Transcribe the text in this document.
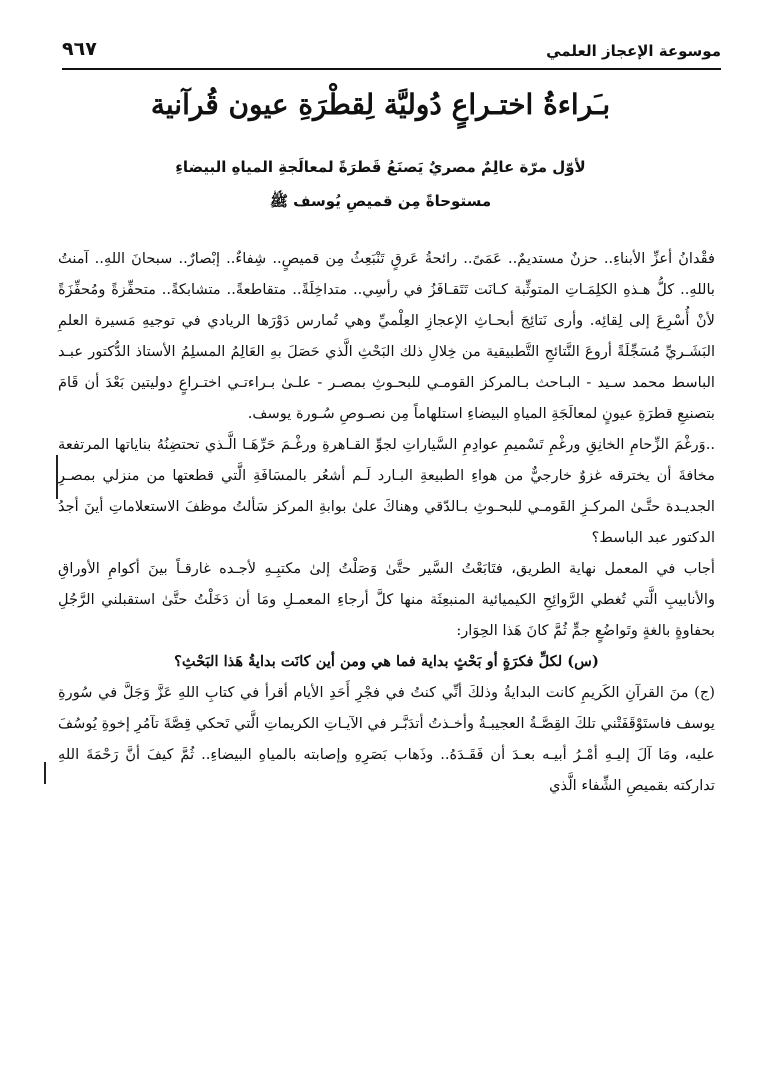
موسوعة الإعجاز العلمي
٩٦٧
بـَراءةُ اختـراعٍ دُوليَّة لِقطْرَةِ عيون قُرآنية
لأوّل مرّة عالِمٌ مصريٌ يَصنَعُ قَطرَةً لمعالَجةِ المياهِ البيضاءِ
مستوحاةً مِن قميصِ يُوسف ﷺ

فقْدانُ أعزِّ الأبناءِ.. حزنٌ مستديمٌ.. عَمَىً.. رائحةُ عَرقٍ تَنْبَعِثُ مِن قميصٍ.. شِفاءٌ.. إبْصارٌ.. سبحانَ اللهِ.. آمنتُ باللهِ.. كلُّ هـذهِ الكلِمَـاتِ المتوثِّبة كـانَت تَتَقـافَزُ في رأسِي.. متداخِلَةً.. متقاطعةً.. متشابكةً.. متحفِّزةً ومُحفِّزَةً لأنْ أُسْرِعَ إلى لِقائِه. وأرى نَتائِجَ أبحـاثِ الإعجازِ العِلْميِّ وهي تُمارس دَوْرَها الريادي في توجيهِ مَسيرة العلمِ البَشَـريِّ مُسَجِّلَةً أروعَ النَّتائجِ التَّطبيقية من خِلالِ ذلك البَحْثِ الَّذي حَصَلَ بهِ العَالِمُ المسلِمُ الأستاذ الدُّكتور عبـد الباسط محمد سـيد - البـاحث بـالمركز القومـي للبحـوثِ بمصـر - علـىٰ بـراءتـي اختـراعٍ دوليتين بَعْدَ أن قَامَ بتصنيعِ قطرَةِ عيونٍ لمعالَجَةِ المياهِ البيضاءِ استلهاماً مِن نصـوصِ سُـورة يوسف.

..وَرغْمَ الزِّحامِ الخانِقِ ورغْمِ تَسْميمِ عوادِمِ السَّياراتِ لجوِّ القـاهرةِ ورغْـمَ حَرِّهَـا الَّـذي تحتضِنُهُ بناياتها المرتفعة مخافةَ أن يخترقه غزوٌ خارجيٌّ من هواءِ الطبيعةِ البـارد لَـم أشعُر بالمسَافَةِ الَّتي قطعتها من منزلي بمصـرِ الجديـدة حتَّـىٰ المركـزِ القَومـي للبحـوثِ بـالدّقي وهناكَ علىٰ بوابةِ المركز سَألتُ موظفَ الاستعلاماتِ أينَ أجدُ الدكتور عبد الباسط؟

أجاب في المعمل نهاية الطريق، فتَابَعْتُ السَّير حتَّىٰ وَصَلْتُ إلىٰ مكتبِـهِ لأجـده غارقـاً بينَ أكوامِ الأوراقِ والأنابيبِ الَّتي تُغطي الرَّوائِحِ الكيميائية المنبعِثَة منها كلَّ أرجاءِ المعمـلِ ومَا أن دَخَلْتُ حتَّىٰ استقبلني الرَّجُلِ بحفاوةٍ بالغةٍ وتَواضُعٍ جمٍّ ثُمَّ كانَ هَذا الحِوَار:

(س) لكلِّ فكرَةٍ أو بَحْثٍ بداية فما هي ومن أين كانَت بدايةُ هَذا البَحْثِ؟

(ج) منَ القرآنِ الكَريمِ كانت البدايةُ وذلكَ أنِّي كنتُ في فجْرِ أَحَدِ الأيام أقرأ في كتابِ اللهِ عَزَّ وَجَلَّ في سُورةِ يوسف فاستَوْقَفَتْني تلكَ القِصَّـةُ العجيبـةُ وأخـذتُ أتدَبَّـر في الآيـاتِ الكريماتِ الَّتي تَحكي قِصَّةَ تآمُرِ إخوةِ يُوسُفَ عليه، ومَا آلَ إليـهِ أمْـرُ أبيـه بعـدَ أن فَقَـدَهُ.. وذَهاب بَصَرِهِ وإصابته بالمياهِ البيضاءِ.. ثُمَّ كيفَ أنَّ رَحْمَةَ اللهِ تداركته بقميصِ الشِّفاء الَّذي
